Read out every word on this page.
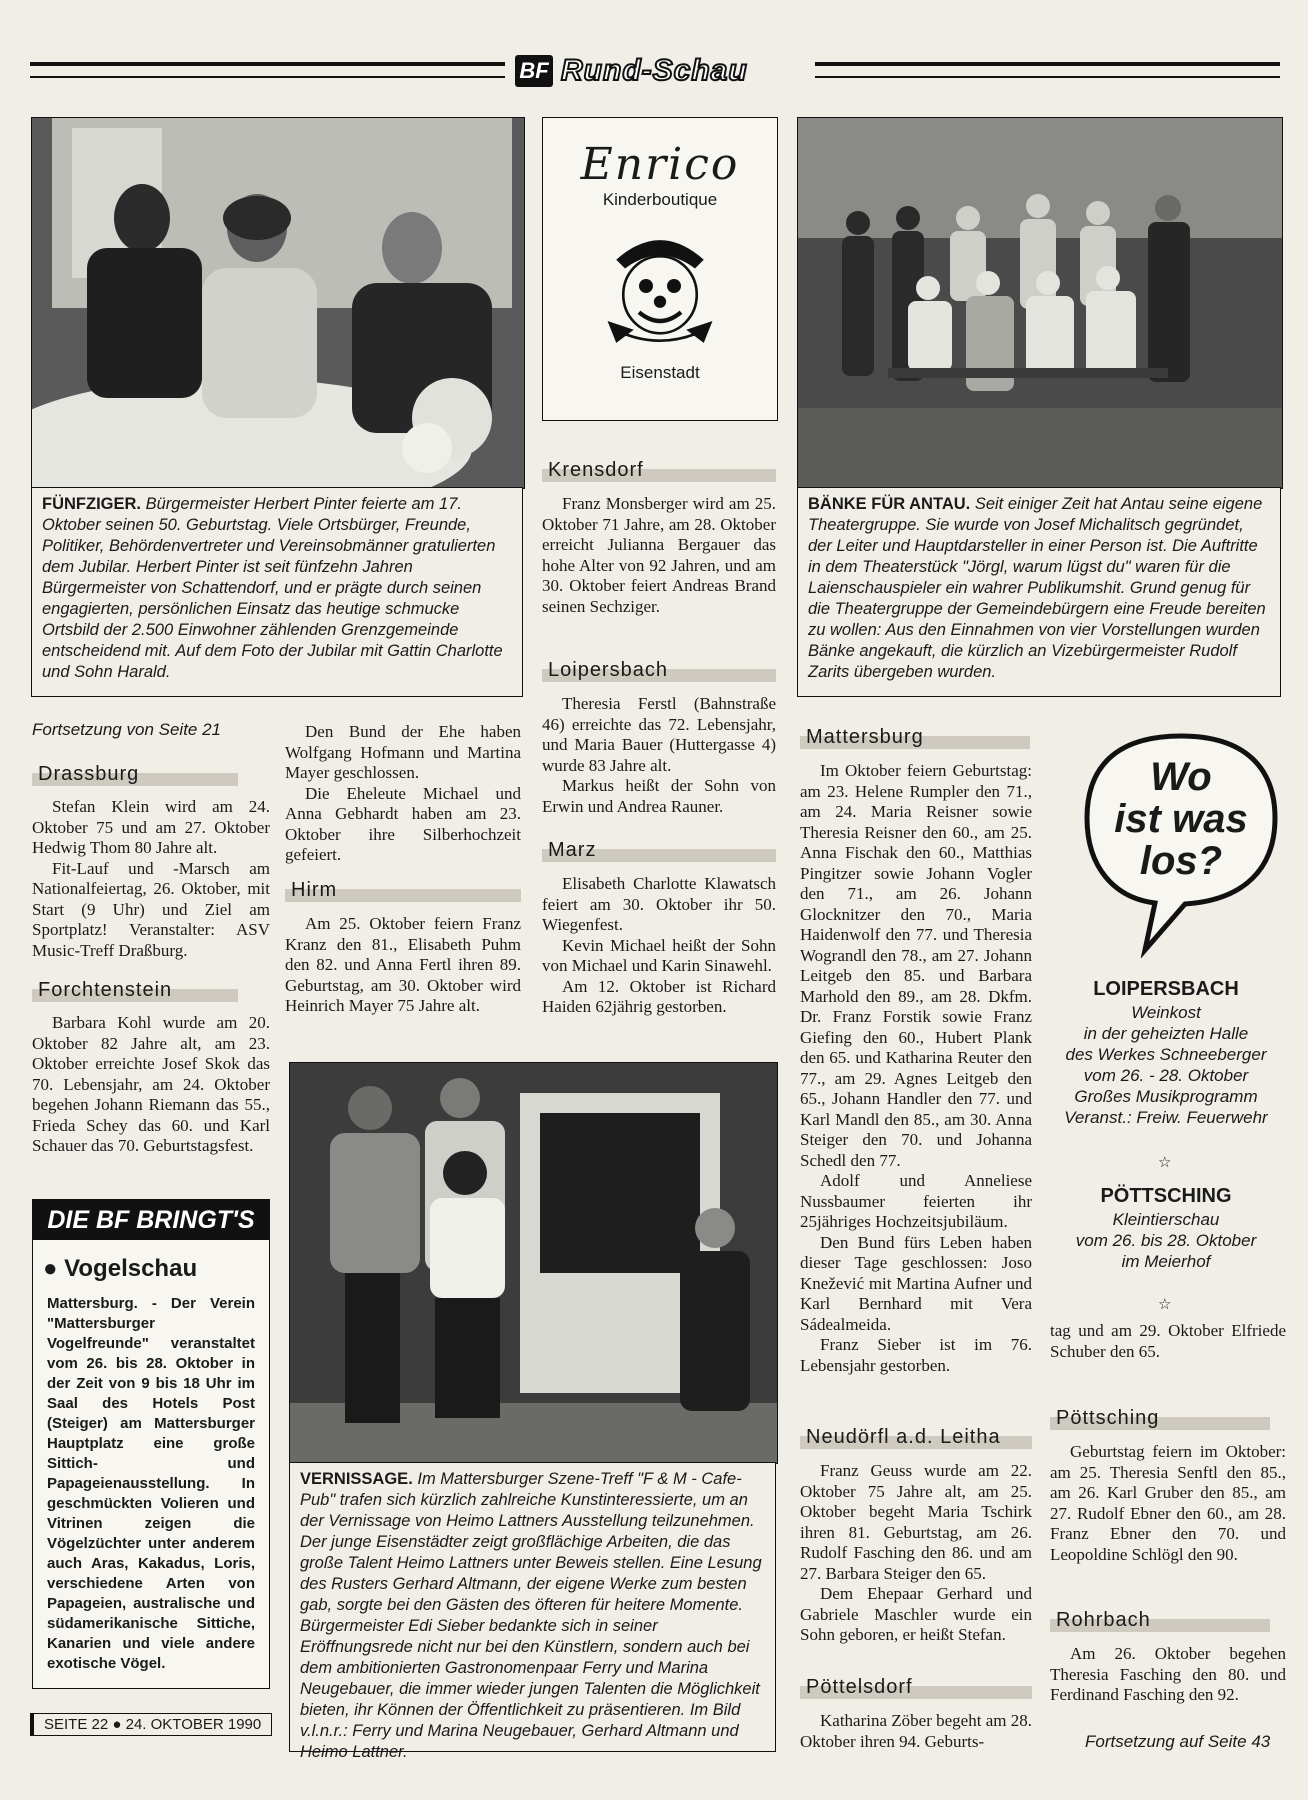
BF Rund-Schau
FÜNFZIGER. Bürgermeister Herbert Pinter feierte am 17. Oktober seinen 50. Geburtstag. Viele Ortsbürger, Freunde, Politiker, Behördenvertreter und Vereinsobmänner gratulierten dem Jubilar. Herbert Pinter ist seit fünfzehn Jahren Bürgermeister von Schattendorf, und er prägte durch seinen engagierten, persönlichen Einsatz das heutige schmucke Ortsbild der 2.500 Einwohner zählenden Grenzgemeinde entscheidend mit. Auf dem Foto der Jubilar mit Gattin Charlotte und Sohn Harald.
Enrico
Kinderboutique
Eisenstadt
BÄNKE FÜR ANTAU. Seit einiger Zeit hat Antau seine eigene Theatergruppe. Sie wurde von Josef Michalitsch gegründet, der Leiter und Hauptdarsteller in einer Person ist. Die Auftritte in dem Theaterstück "Jörgl, warum lügst du" waren für die Laienschauspieler ein wahrer Publikumshit. Grund genug für die Theatergruppe der Gemeindebürgern eine Freude bereiten zu wollen: Aus den Einnahmen von vier Vorstellungen wurden Bänke angekauft, die kürzlich an Vizebürgermeister Rudolf Zarits übergeben wurden.
Fortsetzung von Seite 21
Drassburg

Stefan Klein wird am 24. Oktober 75 und am 27. Oktober Hedwig Thom 80 Jahre alt.

Fit-Lauf und -Marsch am Nationalfeiertag, 26. Oktober, mit Start (9 Uhr) und Ziel am Sportplatz! Veranstalter: ASV Music-Treff Draßburg.

Forchtenstein

Barbara Kohl wurde am 20. Oktober 82 Jahre alt, am 23. Oktober erreichte Josef Skok das 70. Lebensjahr, am 24. Oktober begehen Johann Riemann das 55., Frieda Schey das 60. und Karl Schauer das 70. Geburtstagsfest.

DIE BF BRINGT'S
● Vogelschau
Mattersburg. - Der Verein "Mattersburger Vogelfreunde" veranstaltet vom 26. bis 28. Oktober in der Zeit von 9 bis 18 Uhr im Saal des Hotels Post (Steiger) am Mattersburger Hauptplatz eine große Sittich- und Papageienausstellung. In geschmückten Volieren und Vitrinen zeigen die Vögelzüchter unter anderem auch Aras, Kakadus, Loris, verschiedene Arten von Papageien, australische und südamerikanische Sittiche, Kanarien und viele andere exotische Vögel.
SEITE 22 ● 24. OKTOBER 1990

Den Bund der Ehe haben Wolfgang Hofmann und Martina Mayer geschlossen.

Die Eheleute Michael und Anna Gebhardt haben am 23. Oktober ihre Silberhochzeit gefeiert.

Hirm

Am 25. Oktober feiern Franz Kranz den 81., Elisabeth Puhm den 82. und Anna Fertl ihren 89. Geburtstag, am 30. Oktober wird Heinrich Mayer 75 Jahre alt.

Krensdorf

Franz Monsberger wird am 25. Oktober 71 Jahre, am 28. Oktober erreicht Julianna Bergauer das hohe Alter von 92 Jahren, und am 30. Oktober feiert Andreas Brand seinen Sechziger.

Loipersbach

Theresia Ferstl (Bahnstraße 46) erreichte das 72. Lebensjahr, und Maria Bauer (Huttergasse 4) wurde 83 Jahre alt.

Markus heißt der Sohn von Erwin und Andrea Rauner.

Marz

Elisabeth Charlotte Klawatsch feiert am 30. Oktober ihr 50. Wiegenfest.

Kevin Michael heißt der Sohn von Michael und Karin Sinawehl.

Am 12. Oktober ist Richard Haiden 62jährig gestorben.

VERNISSAGE. Im Mattersburger Szene-Treff "F & M - Cafe-Pub" trafen sich kürzlich zahlreiche Kunstinteressierte, um an der Vernissage von Heimo Lattners Ausstellung teilzunehmen. Der junge Eisenstädter zeigt großflächige Arbeiten, die das große Talent Heimo Lattners unter Beweis stellen. Eine Lesung des Rusters Gerhard Altmann, der eigene Werke zum besten gab, sorgte bei den Gästen des öfteren für heitere Momente. Bürgermeister Edi Sieber bedankte sich in seiner Eröffnungsrede nicht nur bei den Künstlern, sondern auch bei dem ambitionierten Gastronomenpaar Ferry und Marina Neugebauer, die immer wieder jungen Talenten die Möglichkeit bieten, ihr Können der Öffentlichkeit zu präsentieren. Im Bild v.l.n.r.: Ferry und Marina Neugebauer, Gerhard Altmann und Heimo Lattner.
Mattersburg

Im Oktober feiern Geburtstag: am 23. Helene Rumpler den 71., am 24. Maria Reisner sowie Theresia Reisner den 60., am 25. Anna Fischak den 60., Matthias Pingitzer sowie Johann Vogler den 71., am 26. Johann Glocknitzer den 70., Maria Haidenwolf den 77. und Theresia Wograndl den 78., am 27. Johann Leitgeb den 85. und Barbara Marhold den 89., am 28. Dkfm. Dr. Franz Forstik sowie Franz Giefing den 60., Hubert Plank den 65. und Katharina Reuter den 77., am 29. Agnes Leitgeb den 65., Johann Handler den 77. und Karl Mandl den 85., am 30. Anna Steiger den 70. und Johanna Schedl den 77.

Adolf und Anneliese Nussbaumer feierten ihr 25jähriges Hochzeitsjubiläum.

Den Bund fürs Leben haben dieser Tage geschlossen: Joso Knežević mit Martina Aufner und Karl Bernhard mit Vera Sádealmeida.

Franz Sieber ist im 76. Lebensjahr gestorben.

Neudörfl a.d. Leitha

Franz Geuss wurde am 22. Oktober 75 Jahre alt, am 25. Oktober begeht Maria Tschirk ihren 81. Geburtstag, am 26. Rudolf Fasching den 86. und am 27. Barbara Steiger den 65.

Dem Ehepaar Gerhard und Gabriele Maschler wurde ein Sohn geboren, er heißt Stefan.

Pöttelsdorf

Katharina Zöber begeht am 28. Oktober ihren 94. Geburts-

Wo
ist was
los?
LOIPERSBACH
Weinkost
in der geheizten Halle
des Werkes Schneeberger
vom 26. - 28. Oktober
Großes Musikprogramm
Veranst.: Freiw. Feuerwehr
☆
PÖTTSCHING
Kleintierschau
vom 26. bis 28. Oktober
im Meierhof
☆

tag und am 29. Oktober Elfriede Schuber den 65.

Pöttsching

Geburtstag feiern im Oktober: am 25. Theresia Senftl den 85., am 26. Karl Gruber den 85., am 27. Rudolf Ebner den 60., am 28. Franz Ebner den 70. und Leopoldine Schlögl den 90.

Rohrbach

Am 26. Oktober begehen Theresia Fasching den 80. und Ferdinand Fasching den 92.

Fortsetzung auf Seite 43
